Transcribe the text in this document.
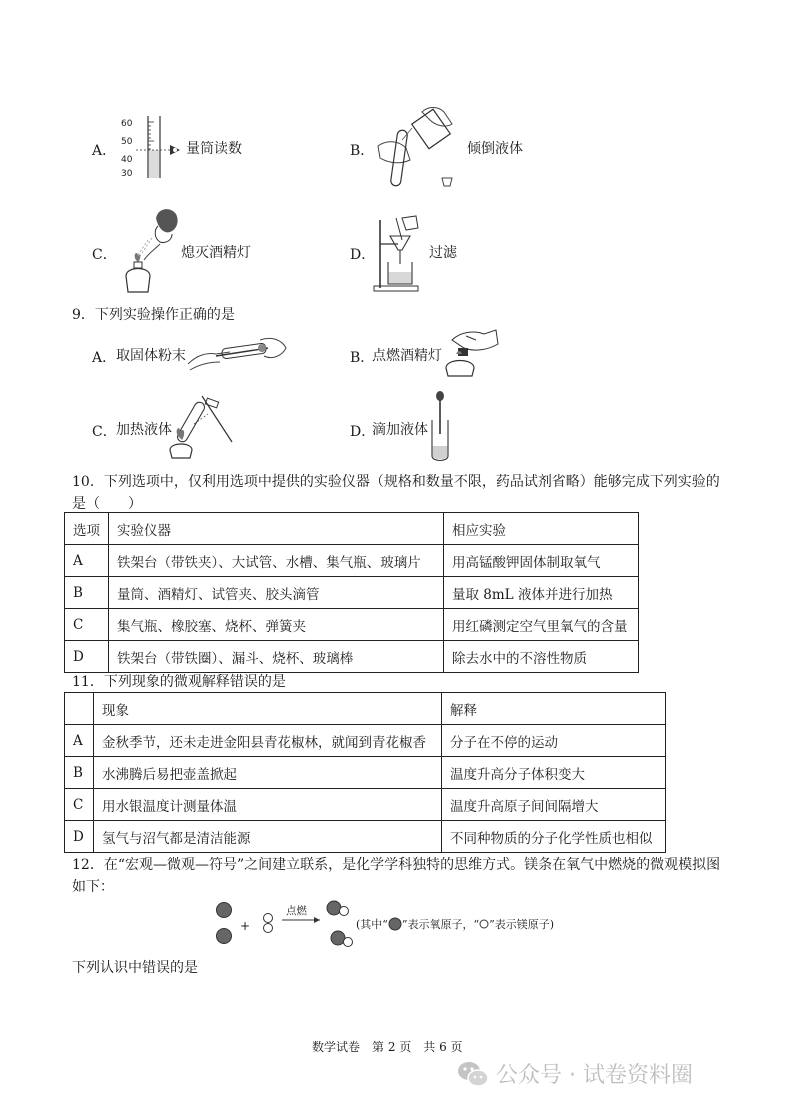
A．
60
50
40
30
量筒读数	B．	倾倒液体
C．	熄灭酒精灯	D．	过滤
9．下列实验操作正确的是
A． 取固体粉末	B．
点燃酒精灯
C． 加热液体	D．
滴加液体
10．下列选项中，仅利用选项中提供的实验仪器（规格和数量不限，药品试剂省略）能够完成下列实验的
是（　　）
选项	实验仪器	相应实验
A	铁架台（带铁夹）、大试管、水槽、集气瓶、玻璃片	用高锰酸钾固体制取氧气
B	量筒、酒精灯、试管夹、胶头滴管	量取 8mL 液体并进行加热
C	集气瓶、橡胶塞、烧杯、弹簧夹	用红磷测定空气里氧气的含量
D	铁架台（带铁圈）、漏斗、烧杯、玻璃棒	除去水中的不溶性物质
11．下列现象的微观解释错误的是
	现象	解释
A	金秋季节，还未走进金阳县青花椒林，就闻到青花椒香	分子在不停的运动
B	水沸腾后易把壶盖掀起	温度升高分子体积变大
C	用水银温度计测量体温	温度升高原子间间隔增大
D	氢气与沼气都是清洁能源	不同种物质的分子化学性质也相似
12．在“宏观—微观—符号”之间建立联系，是化学学科独特的思维方式。镁条在氧气中燃烧的微观模拟图
如下：
+
点燃
(其中“ ”表示氧原子，“ ”表示镁原子)
下列认识中错误的是
数学试卷　第 2 页　共 6 页
公众号 · 试卷资料圈
